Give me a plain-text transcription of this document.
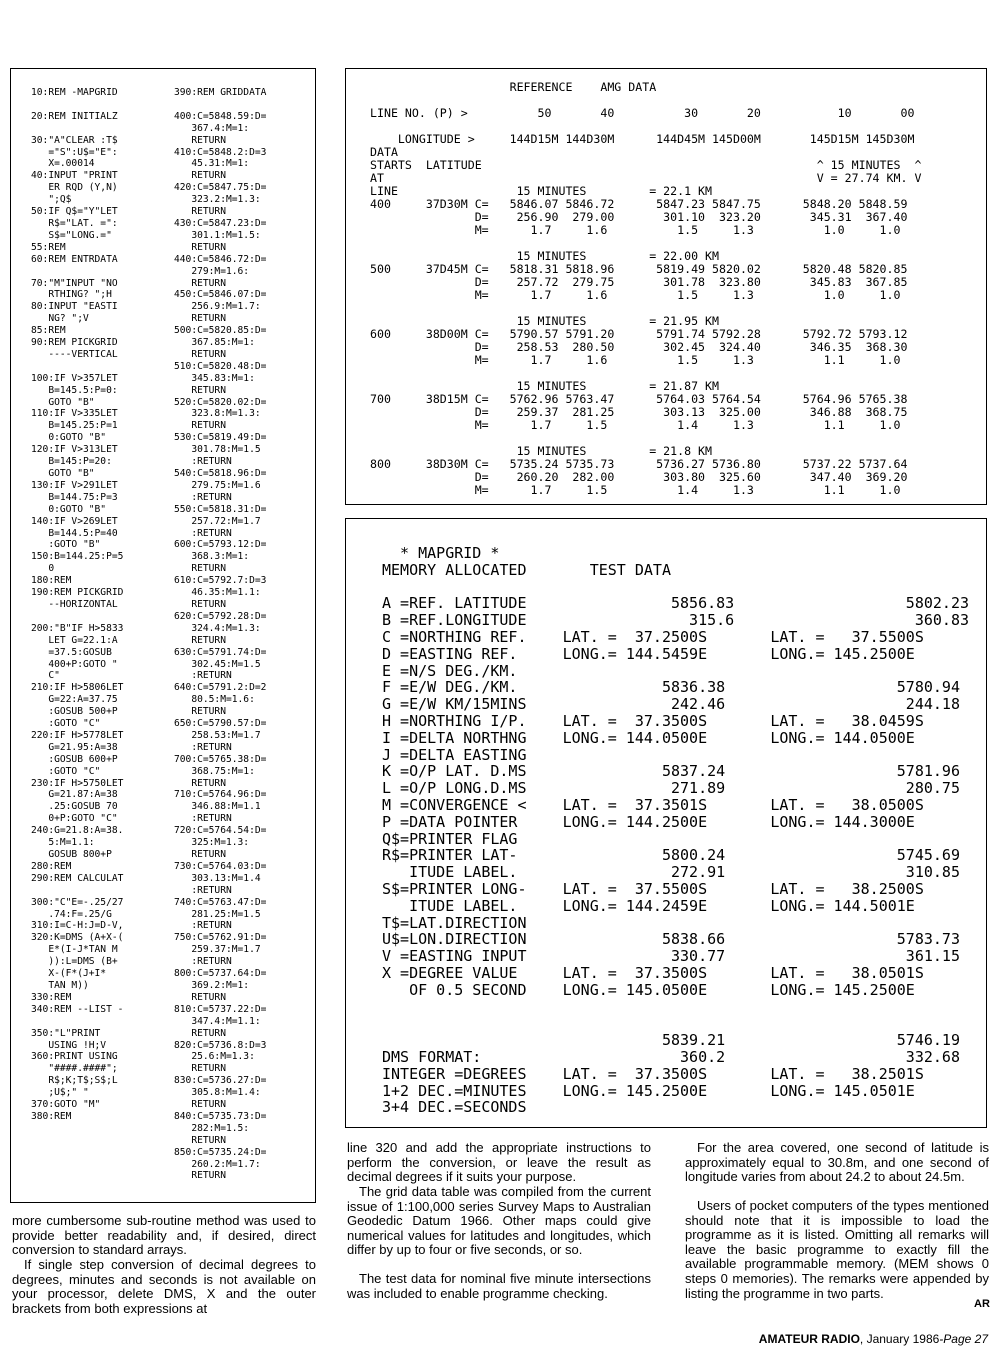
10:REM -MAPGRID

20:REM INITIALZ

30:"A"CLEAR :T$
="S":U$="E":
X=.00014
40:INPUT "PRINT
ER RQD (Y,N)
";Q$
50:IF Q$="Y"LET
R$="LAT. =":
S$="LONG.="
55:REM
60:REM ENTRDATA

70:"M"INPUT "NO
RTHING? ";H
80:INPUT "EASTI
NG? ";V
85:REM
90:REM PICKGRID
----VERTICAL

100:IF V>357LET
B=145.5:P=0:
GOTO "B"
110:IF V>335LET
B=145.25:P=1
0:GOTO "B"
120:IF V>313LET
B=145:P=20:
GOTO "B"
130:IF V>291LET
B=144.75:P=3
0:GOTO "B"
140:IF V>269LET
B=144.5:P=40
:GOTO "B"
150:B=144.25:P=5
0
180:REM
190:REM PICKGRID
--HORIZONTAL

200:"B"IF H>5833
LET G=22.1:A
=37.5:GOSUB
400+P:GOTO "
C"
210:IF H>5806LET
G=22:A=37.75
:GOSUB 500+P
:GOTO "C"
220:IF H>5778LET
G=21.95:A=38
:GOSUB 600+P
:GOTO "C"
230:IF H>5750LET
G=21.87:A=38
.25:GOSUB 70
0+P:GOTO "C"
240:G=21.8:A=38.
5:M=1.1:
GOSUB 800+P
280:REM
290:REM CALCULAT

300:"C"E=-.25/27
.74:F=.25/G
310:I=C-H:J=D-V,
320:K=DMS (A+X-(
E*(I-J*TAN M
)):L=DMS (B+
X-(F*(J+I*
TAN M))
330:REM
340:REM --LIST -

350:"L"PRINT
USING !H;V
360:PRINT USING
"####.####";
R$;K;T$;S$;L
;U$;" "
370:GOTO "M"
380:REM
390:REM GRIDDATA

400:C=5848.59:D=
367.4:M=1:
RETURN
410:C=5848.2:D=3
45.31:M=1:
RETURN
420:C=5847.75:D=
323.2:M=1.3:
RETURN
430:C=5847.23:D=
301.1:M=1.5:
RETURN
440:C=5846.72:D=
279:M=1.6:
RETURN
450:C=5846.07:D=
256.9:M=1.7:
RETURN
500:C=5820.85:D=
367.85:M=1:
RETURN
510:C=5820.48:D=
345.83:M=1:
RETURN
520:C=5820.02:D=
323.8:M=1.3:
RETURN
530:C=5819.49:D=
301.78:M=1.5
:RETURN
540:C=5818.96:D=
279.75:M=1.6
:RETURN
550:C=5818.31:D=
257.72:M=1.7
:RETURN
600:C=5793.12:D=
368.3:M=1:
RETURN
610:C=5792.7:D=3
46.35:M=1.1:
RETURN
620:C=5792.28:D=
324.4:M=1.3:
RETURN
630:C=5791.74:D=
302.45:M=1.5
:RETURN
640:C=5791.2:D=2
80.5:M=1.6:
RETURN
650:C=5790.57:D=
258.53:M=1.7
:RETURN
700:C=5765.38:D=
368.75:M=1:
RETURN
710:C=5764.96:D=
346.88:M=1.1
:RETURN
720:C=5764.54:D=
325:M=1.3:
RETURN
730:C=5764.03:D=
303.13:M=1.4
:RETURN
740:C=5763.47:D=
281.25:M=1.5
:RETURN
750:C=5762.91:D=
259.37:M=1.7
:RETURN
800:C=5737.64:D=
369.2:M=1:
RETURN
810:C=5737.22:D=
347.4:M=1.1:
RETURN
820:C=5736.8:D=3
25.6:M=1.3:
RETURN
830:C=5736.27:D=
305.8:M=1.4:
RETURN
840:C=5735.73:D=
282:M=1.5:
RETURN
850:C=5735.24:D=
260.2:M=1.7:
RETURN
REFERENCE    AMG DATA

LINE NO. (P) >          50       40          30       20           10       00

LONGITUDE >     144D15M 144D30M      144D45M 145D00M       145D15M 145D30M
DATA
STARTS  LATITUDE                                                ^ 15 MINUTES  ^
AT                                                              V = 27.74 KM. V
LINE                 15 MINUTES         = 22.1 KM
400     37D30M C=   5846.07 5846.72      5847.23 5847.75      5848.20 5848.59
D=    256.90  279.00       301.10  323.20       345.31  367.40
M=      1.7     1.6          1.5     1.3          1.0     1.0

15 MINUTES         = 22.00 KM
500     37D45M C=   5818.31 5818.96      5819.49 5820.02      5820.48 5820.85
D=    257.72  279.75       301.78  323.80       345.83  367.85
M=      1.7     1.6          1.5     1.3          1.0     1.0

15 MINUTES         = 21.95 KM
600     38D00M C=   5790.57 5791.20      5791.74 5792.28      5792.72 5793.12
D=    258.53  280.50       302.45  324.40       346.35  368.30
M=      1.7     1.6          1.5     1.3          1.1     1.0

15 MINUTES         = 21.87 KM
700     38D15M C=   5762.96 5763.47      5764.03 5764.54      5764.96 5765.38
D=    259.37  281.25       303.13  325.00       346.88  368.75
M=      1.7     1.5          1.4     1.3          1.1     1.0

15 MINUTES         = 21.8 KM
800     38D30M C=   5735.24 5735.73      5736.27 5736.80      5737.22 5737.64
D=    260.20  282.00       303.80  325.60       347.40  369.20
M=      1.7     1.5          1.4     1.3          1.1     1.0
* MAPGRID *
MEMORY ALLOCATED       TEST DATA

A =REF. LATITUDE                5856.83                   5802.23
B =REF.LONGITUDE                  315.6                    360.83
C =NORTHING REF.    LAT. =  37.2500S       LAT. =   37.5500S
D =EASTING REF.     LONG.= 144.5459E       LONG.= 145.2500E
E =N/S DEG./KM.
F =E/W DEG./KM.                5836.38                   5780.94
G =E/W KM/15MINS                242.46                    244.18
H =NORTHING I/P.    LAT. =  37.3500S       LAT. =   38.0459S
I =DELTA NORTHNG    LONG.= 144.0500E       LONG.= 144.0500E
J =DELTA EASTING
K =O/P LAT. D.MS               5837.24                   5781.96
L =O/P LONG.D.MS                271.89                    280.75
M =CONVERGENCE <    LAT. =  37.3501S       LAT. =   38.0500S
P =DATA POINTER     LONG.= 144.2500E       LONG.= 144.3000E
Q$=PRINTER FLAG
R$=PRINTER LAT-                5800.24                   5745.69
ITUDE LABEL.                 272.91                    310.85
S$=PRINTER LONG-    LAT. =  37.5500S       LAT. =   38.2500S
ITUDE LABEL.     LONG.= 144.2459E       LONG.= 144.5001E
T$=LAT.DIRECTION
U$=LON.DIRECTION               5838.66                   5783.73
V =EASTING INPUT                330.77                    361.15
X =DEGREE VALUE     LAT. =  37.3500S       LAT. =   38.0501S
OF 0.5 SECOND    LONG.= 145.0500E       LONG.= 145.2500E

5839.21                   5746.19
DMS FORMAT:                      360.2                    332.68
INTEGER =DEGREES    LAT. =  37.3500S       LAT. =   38.2501S
1+2 DEC.=MINUTES    LONG.= 145.2500E       LONG.= 145.0501E
3+4 DEC.=SECONDS

more cumbersome sub-routine method was used to provide better readability and, if desired, direct conversion to standard arrays.

If single step conversion of decimal degrees to degrees, minutes and seconds is not available on your processor, delete DMS, X and the outer brackets from both expressions at

line 320 and add the appropriate instructions to perform the conversion, or leave the result as decimal degrees if it suits your purpose.

The grid data table was compiled from the current issue of 1:100,000 series Survey Maps to Australian Geodedic Datum 1966. Other maps could give numerical values for latitudes and longitudes, which differ by up to four or five seconds, or so.

The test data for nominal five minute intersections was included to enable programme checking.

For the area covered, one second of latitude is approximately equal to 30.8m, and one second of longitude varies from about 24.2 to about 24.5m.

Users of pocket computers of the types mentioned should note that it is impossible to load the programme as it is listed. Omitting all remarks will leave the basic programme to exactly fill the available programmable memory. (MEM shows 0 steps 0 memories). The remarks were appended by listing the programme in two parts.

AR
AMATEUR RADIO, January 1986-Page 27
